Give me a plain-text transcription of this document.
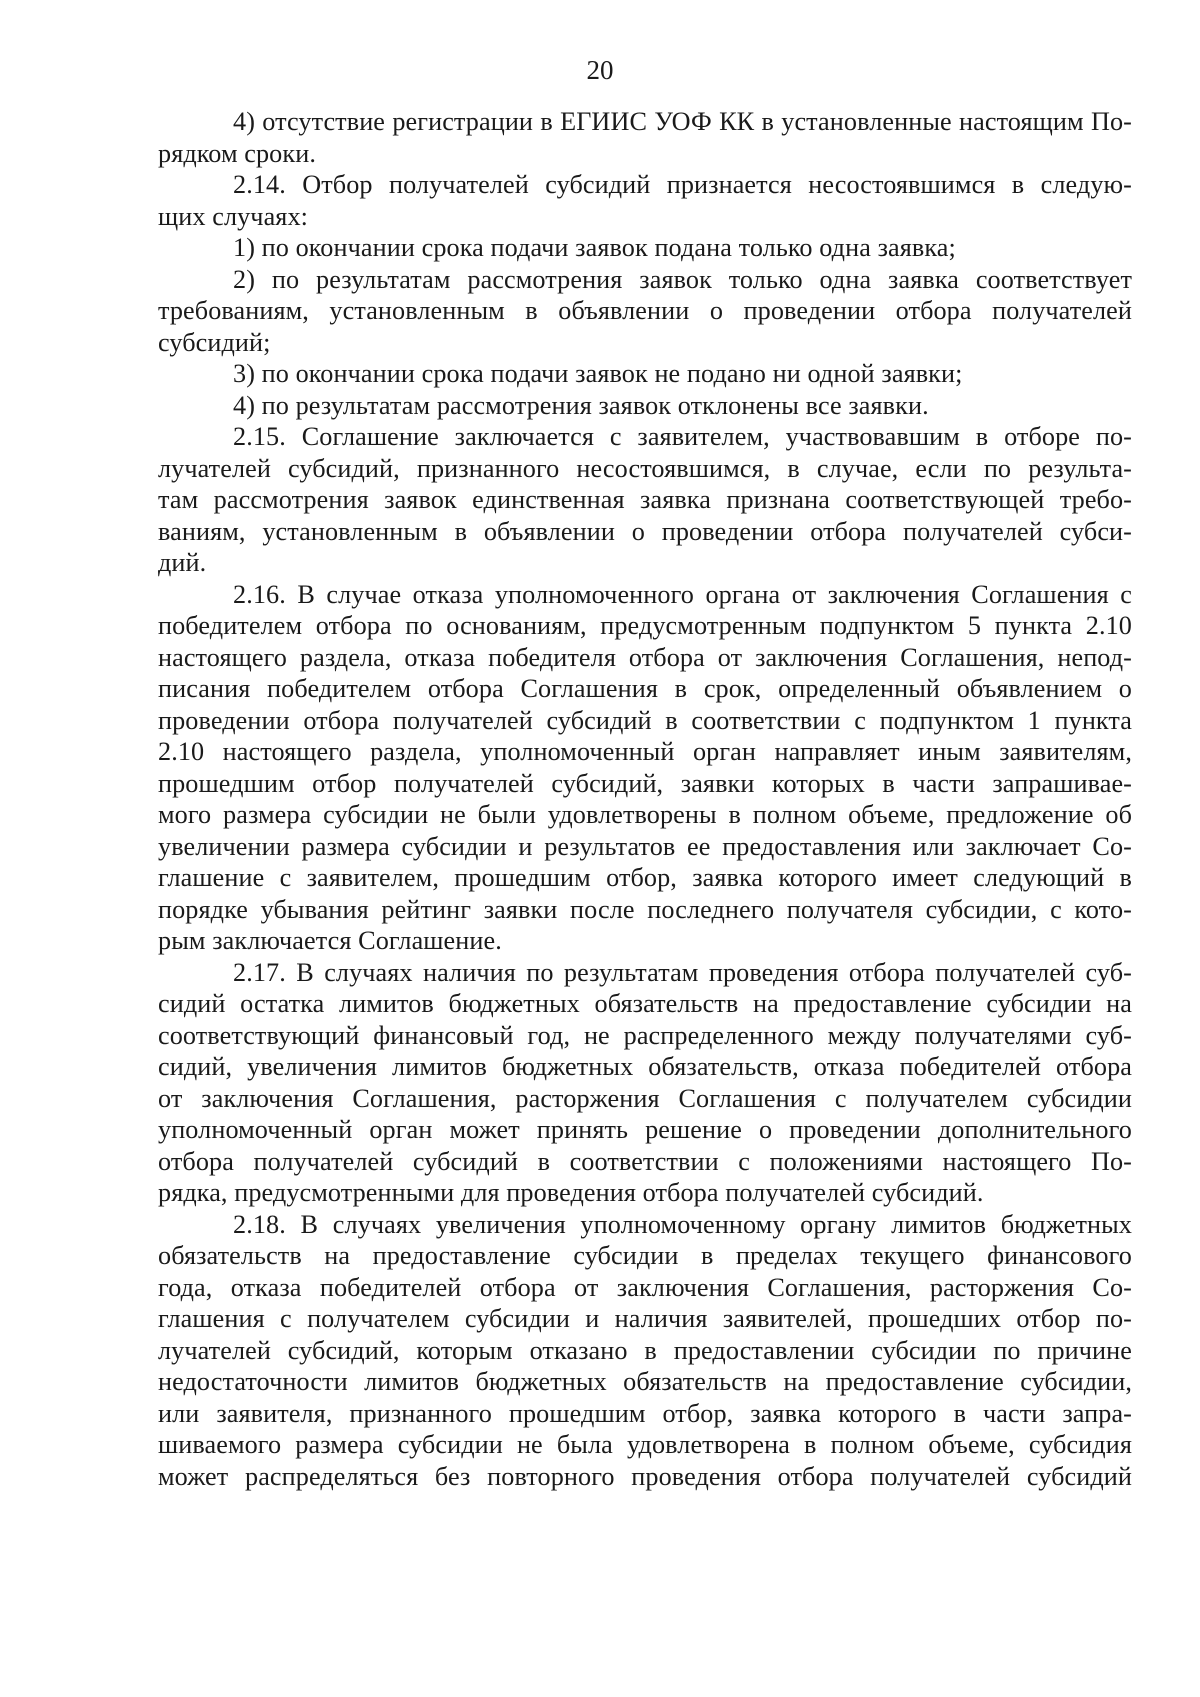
20
4) отсутствие регистрации в ЕГИИС УОФ КК в установленные настоящим По-
рядком сроки.
2.14. Отбор получателей субсидий признается несостоявшимся в следую-
щих случаях:
1) по окончании срока подачи заявок подана только одна заявка;
2) по результатам рассмотрения заявок только одна заявка соответствует
требованиям, установленным в объявлении о проведении отбора получателей
субсидий;
3) по окончании срока подачи заявок не подано ни одной заявки;
4) по результатам рассмотрения заявок отклонены все заявки.
2.15. Соглашение заключается с заявителем, участвовавшим в отборе по-
лучателей субсидий, признанного несостоявшимся, в случае, если по результа-
там рассмотрения заявок единственная заявка признана соответствующей требо-
ваниям, установленным в объявлении о проведении отбора получателей субси-
дий.
2.16. В случае отказа уполномоченного органа от заключения Соглашения с
победителем отбора по основаниям, предусмотренным подпунктом 5 пункта 2.10
настоящего раздела, отказа победителя отбора от заключения Соглашения, непод-
писания победителем отбора Соглашения в срок, определенный объявлением о
проведении отбора получателей субсидий в соответствии с подпунктом 1 пункта
2.10 настоящего раздела, уполномоченный орган направляет иным заявителям,
прошедшим отбор получателей субсидий, заявки которых в части запрашивае-
мого размера субсидии не были удовлетворены в полном объеме, предложение об
увеличении размера субсидии и результатов ее предоставления или заключает Со-
глашение с заявителем, прошедшим отбор, заявка которого имеет следующий в
порядке убывания рейтинг заявки после последнего получателя субсидии, с кото-
рым заключается Соглашение.
2.17. В случаях наличия по результатам проведения отбора получателей суб-
сидий остатка лимитов бюджетных обязательств на предоставление субсидии на
соответствующий финансовый год, не распределенного между получателями суб-
сидий, увеличения лимитов бюджетных обязательств, отказа победителей отбора
от заключения Соглашения, расторжения Соглашения с получателем субсидии
уполномоченный орган может принять решение о проведении дополнительного
отбора получателей субсидий в соответствии с положениями настоящего По-
рядка, предусмотренными для проведения отбора получателей субсидий.
2.18. В случаях увеличения уполномоченному органу лимитов бюджетных
обязательств на предоставление субсидии в пределах текущего финансового
года, отказа победителей отбора от заключения Соглашения, расторжения Со-
глашения с получателем субсидии и наличия заявителей, прошедших отбор по-
лучателей субсидий, которым отказано в предоставлении субсидии по причине
недостаточности лимитов бюджетных обязательств на предоставление субсидии,
или заявителя, признанного прошедшим отбор, заявка которого в части запра-
шиваемого размера субсидии не была удовлетворена в полном объеме, субсидия
может распределяться без повторного проведения отбора получателей субсидий
